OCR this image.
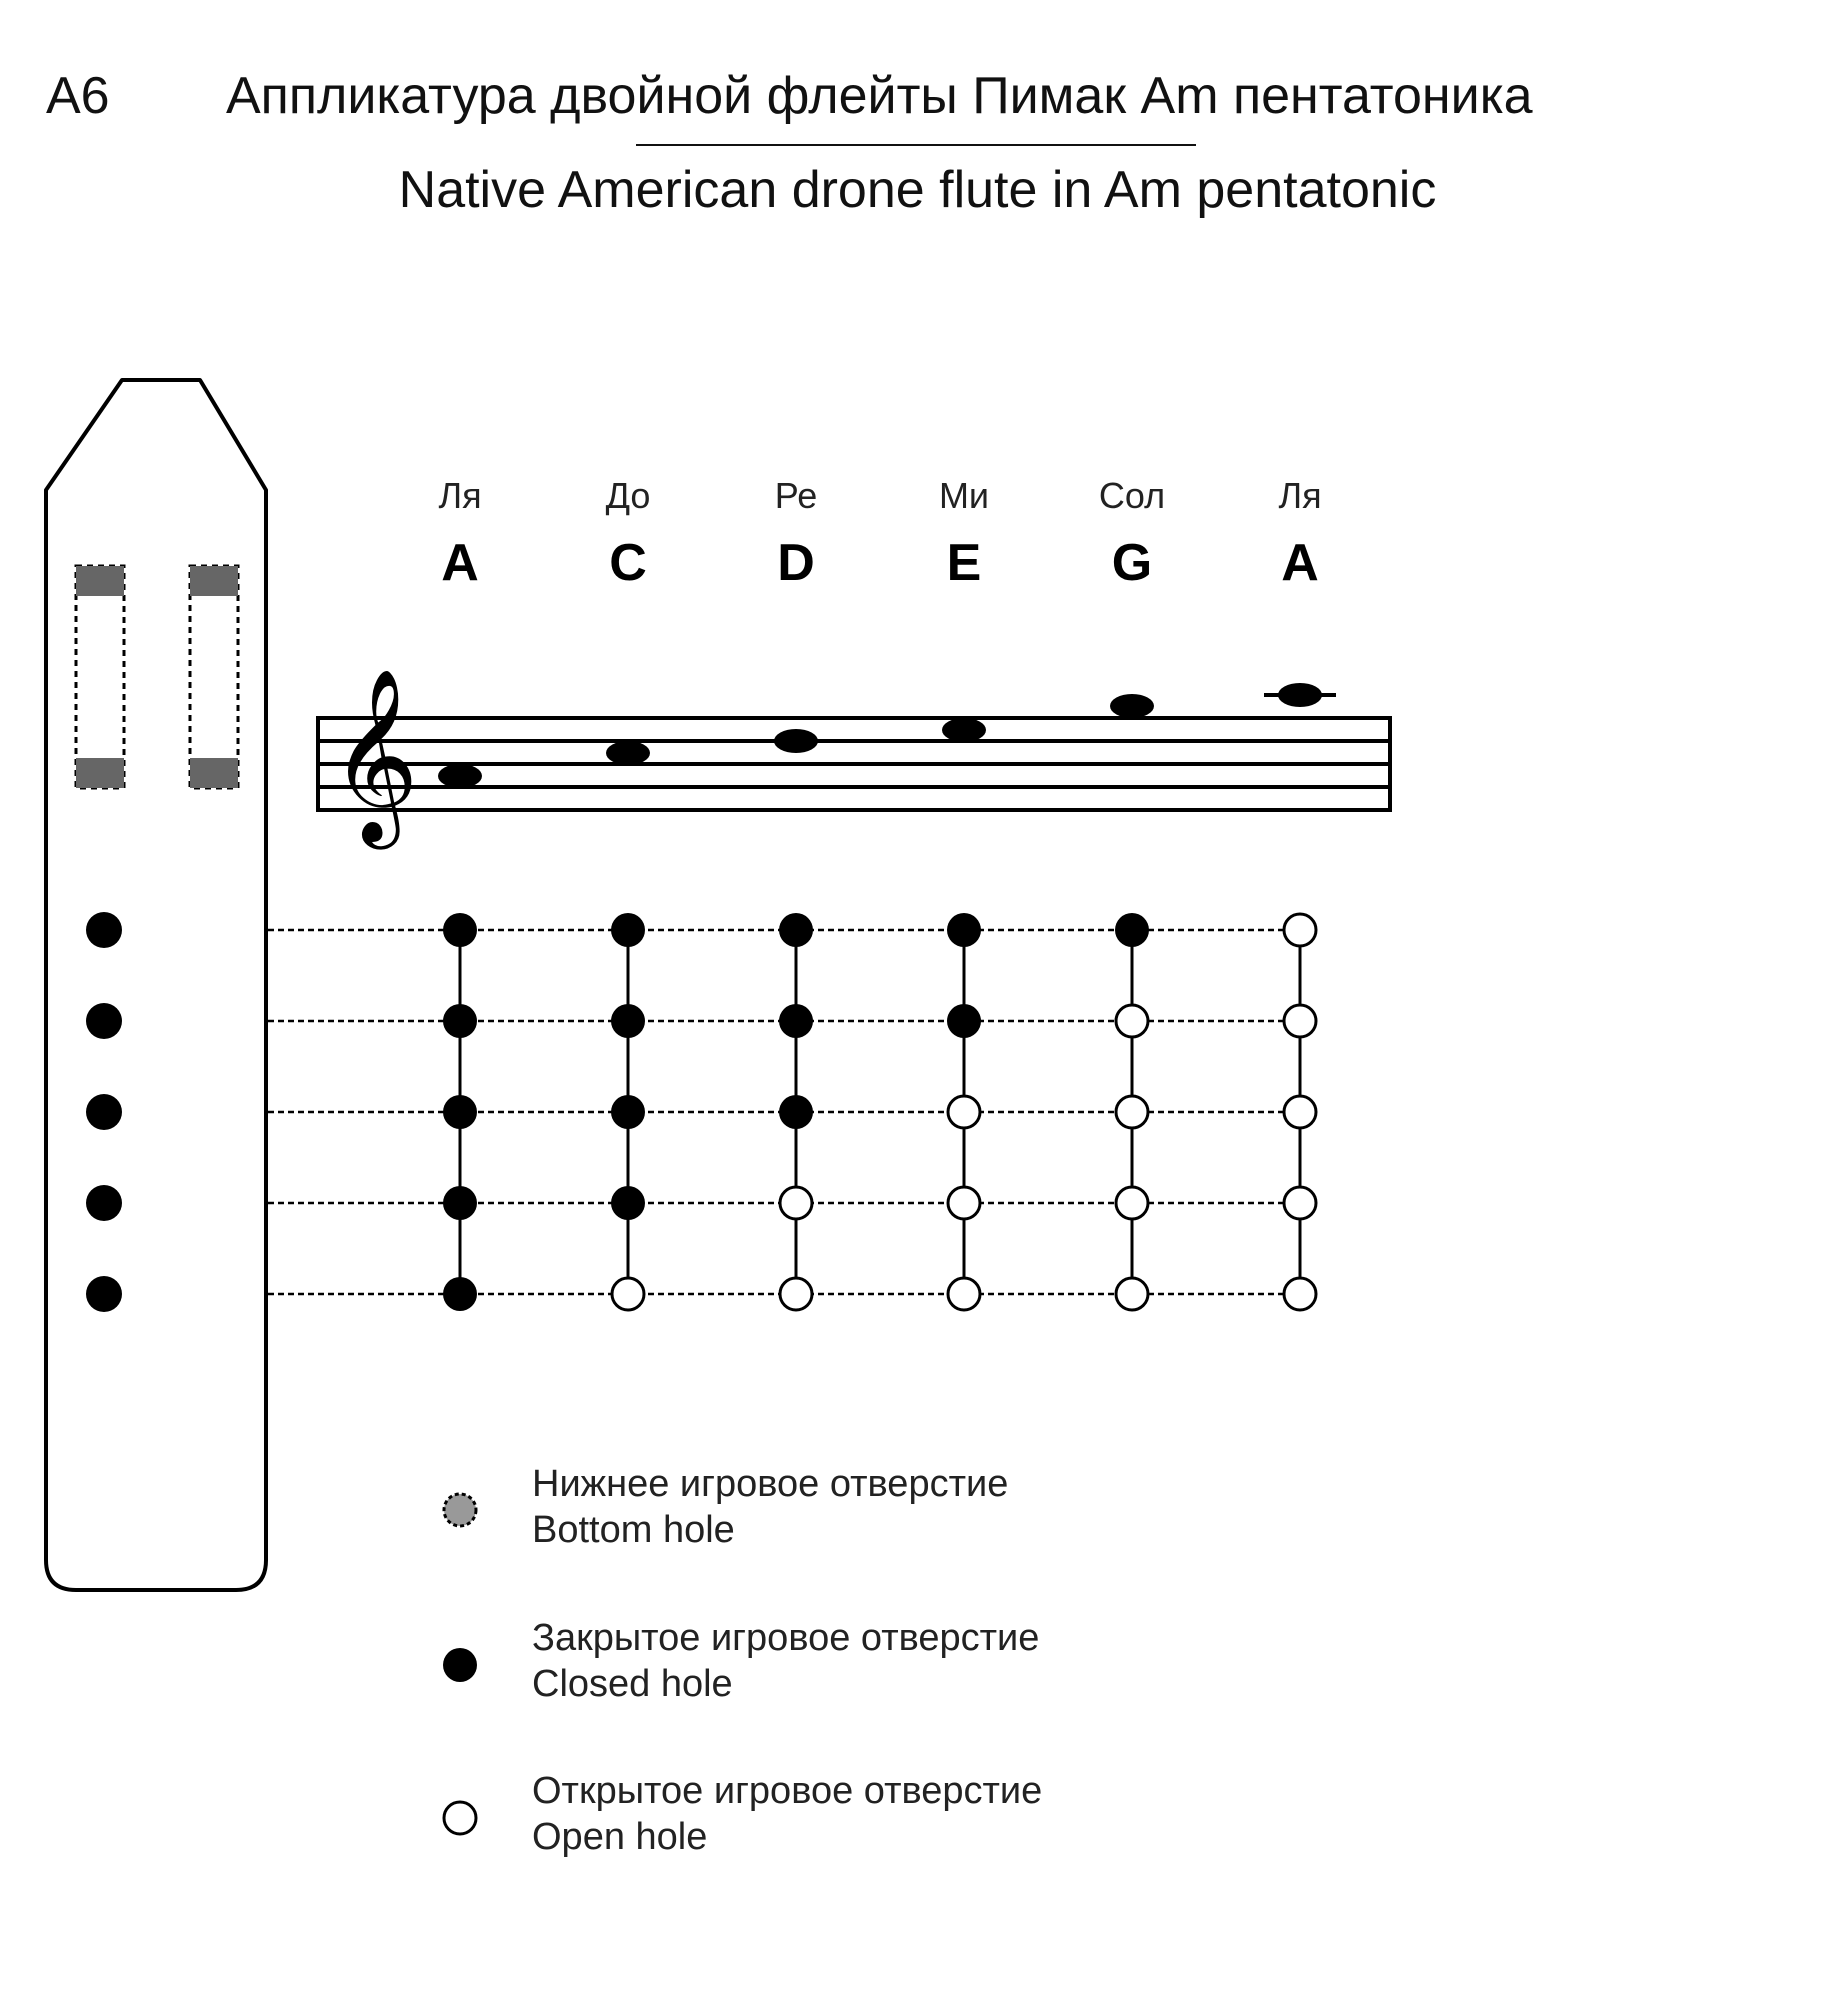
A6 Аппликатура двойной флейты Пимак Am пентатоника
Native American drone flute in Am pentatonic
Ля
A
До
C
Ре
D
Ми
E
Сол
G
Ля
A
𝄞
Нижнее игровое отверстие
Bottom hole
Закрытое игровое отверстие
Closed hole
Открытое игровое отверстие
Open hole
